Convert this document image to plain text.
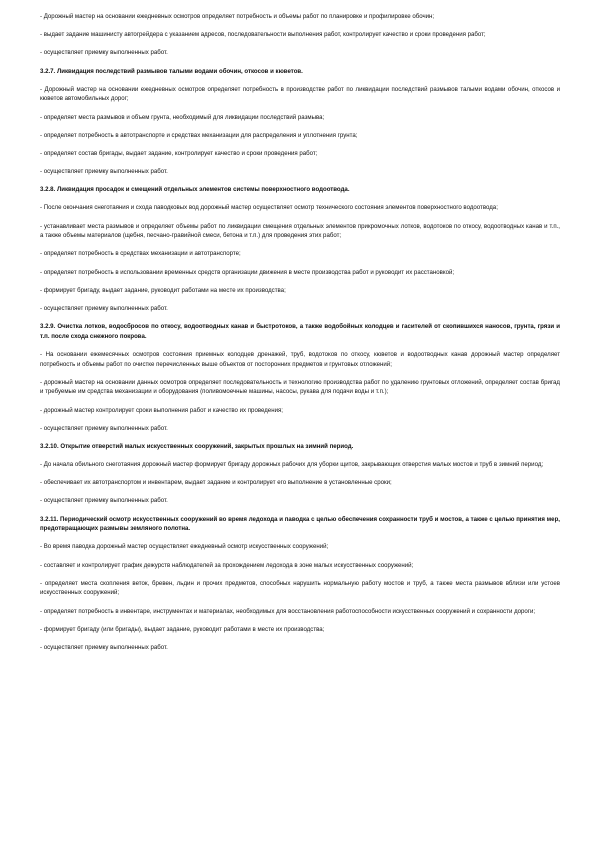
- Дорожный мастер на основании ежедневных осмотров определяет потребность и объемы работ по планировке и профилировке обочин;

- выдает задание машинисту автогрейдера с указанием адресов, последовательности выполнения работ, контролирует качество и сроки проведения работ;

- осуществляет приемку выполненных работ.

3.2.7. Ликвидация последствий размывов талыми водами обочин, откосов и кюветов.

- Дорожный мастер на основании ежедневных осмотров определяет потребность в производстве работ по ликвидации последствий размывов талыми водами обочин, откосов и кюветов автомобильных дорог;

- определяет места размывов и объем грунта, необходимый для ликвидации последствий размыва;

- определяет потребность в автотранспорте и средствах механизации для распределения и уплотнения грунта;

- определяет состав бригады, выдает задание, контролирует качество и сроки проведения работ;

- осуществляет приемку выполненных работ.

3.2.8. Ликвидация просадок и смещений отдельных элементов системы поверхностного водоотвода.

- После окончания снеготаяния и схода паводковых вод дорожный мастер осуществляет осмотр технического состояния элементов поверхностного водоотвода;

- устанавливает места размывов и определяет объемы работ по ликвидации смещения отдельных элементов прикромочных лотков, водотоков по откосу, водоотводных канав и т.п., а также объемы материалов (щебня, песчано-гравийной смеси, бетона и т.п.) для проведения этих работ;

- определяет потребность в средствах механизации и автотранспорте;

- определяет потребность в использовании временных средств организации движения в месте производства работ и руководит их расстановкой;

- формирует бригаду, выдает задание, руководит работами на месте их производства;

- осуществляет приемку выполненных работ.

3.2.9. Очистка лотков, водосбросов по откосу, водоотводных канав и быстротоков, а также водобойных колодцев и гасителей от скопившихся наносов, грунта, грязи и т.п. после схода снежного покрова.

- На основании ежемесячных осмотров состояния приемных колодцев дренажей, труб, водотоков по откосу, кюветов и водоотводных канав дорожный мастер определяет потребность и объемы работ по очистке перечисленных выше объектов от посторонних предметов и грунтовых отложений;

- дорожный мастер на основании данных осмотров определяет последовательность и технологию производства работ по удалению грунтовых отложений, определяет состав бригад и требуемые им средства механизации и оборудования (поливомоечные машины, насосы, рукава для подачи воды и т.п.);

- дорожный мастер контролирует сроки выполнения работ и качество их проведения;

- осуществляет приемку выполненных работ.

3.2.10. Открытие отверстий малых искусственных сооружений, закрытых прошлых на зимний период.

- До начала обильного снеготаяния дорожный мастер формирует бригаду дорожных рабочих для уборки щитов, закрывающих отверстия малых мостов и труб в зимний период;

- обеспечивает их автотранспортом и инвентарем, выдает задание и контролирует его выполнение в установленные сроки;

- осуществляет приемку выполненных работ.

3.2.11. Периодический осмотр искусственных сооружений во время ледохода и паводка с целью обеспечения сохранности труб и мостов, а также с целью принятия мер, предотвращающих размывы земляного полотна.

- Во время паводка дорожный мастер осуществляет ежедневный осмотр искусственных сооружений;

- составляет и контролирует график дежурств наблюдателей за прохождением ледохода в зоне малых искусственных сооружений;

- определяет места скопления веток, бревен, льдин и прочих предметов, способных нарушить нормальную работу мостов и труб, а также места размывов вблизи или устоев искусственных сооружений;

- определяет потребность в инвентаре, инструментах и материалах, необходимых для восстановления работоспособности искусственных сооружений и сохранности дороги;

- формирует бригаду (или бригады), выдает задание, руководит работами в месте их производства;

- осуществляет приемку выполненных работ.
